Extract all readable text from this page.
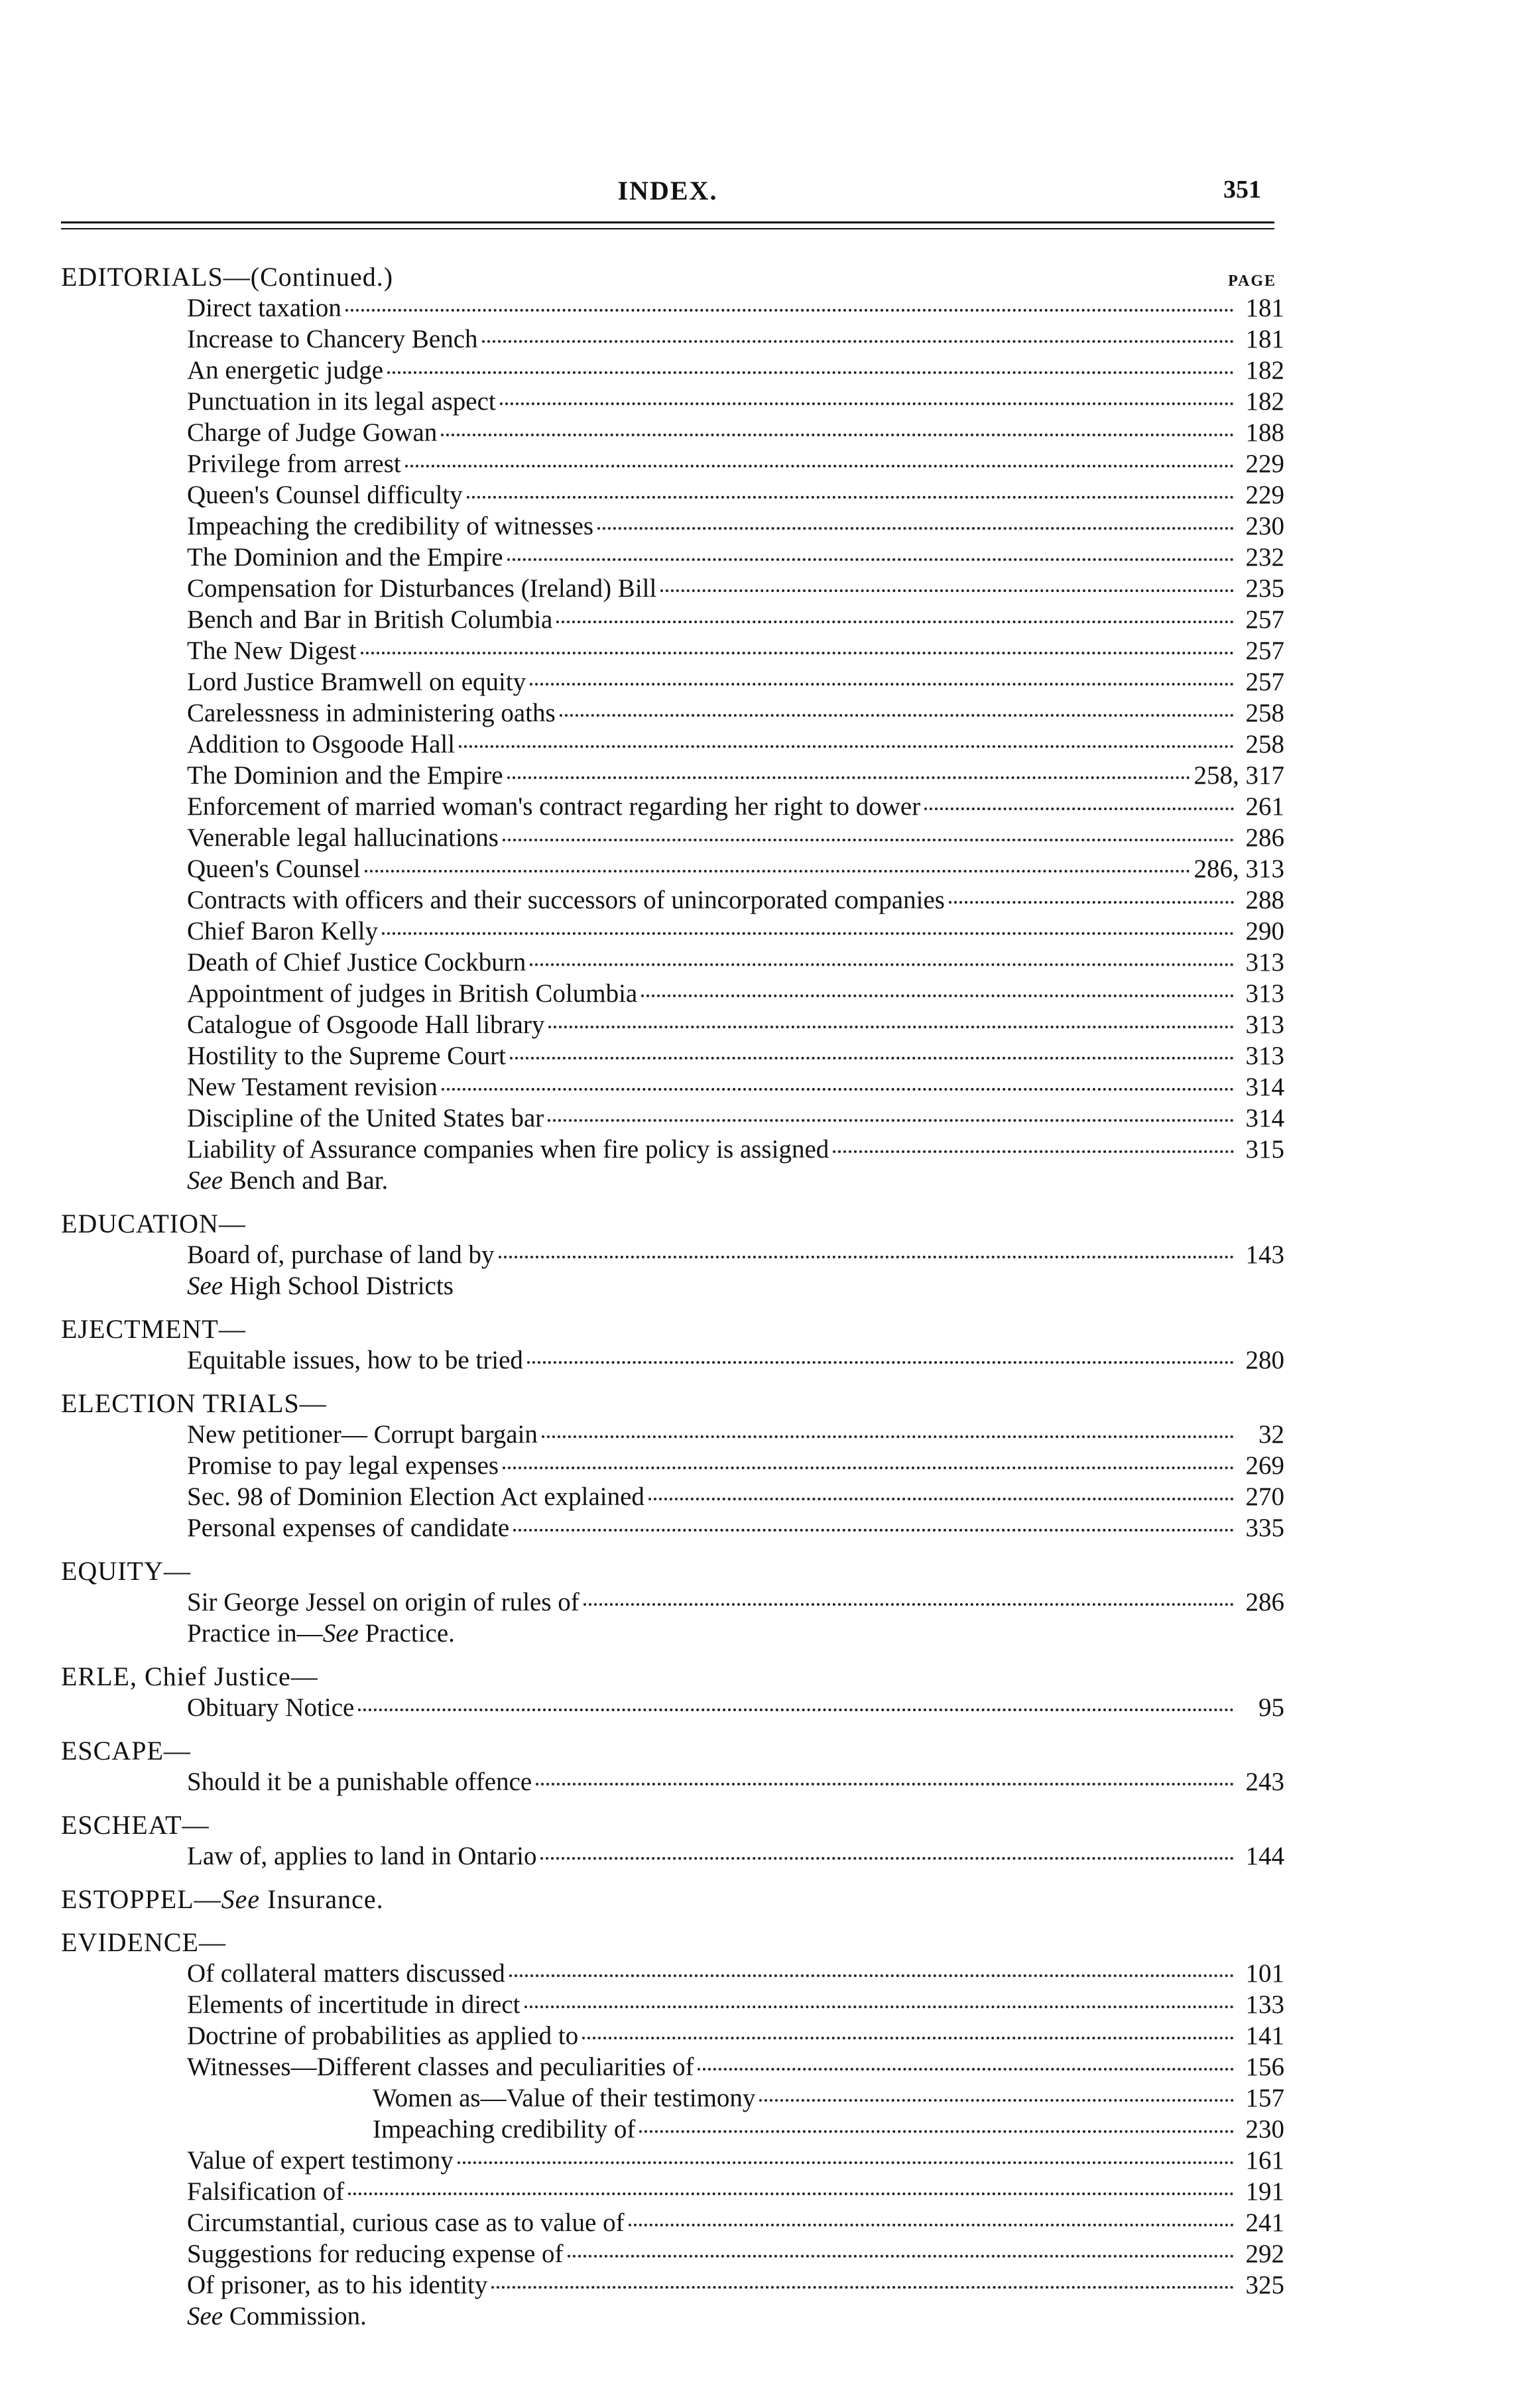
INDEX.	351
EDITORIALS—(Continued.)	PAGE
Direct taxation	181
Increase to Chancery Bench	181
An energetic judge	182
Punctuation in its legal aspect	182
Charge of Judge Gowan	188
Privilege from arrest	229
Queen's Counsel difficulty	229
Impeaching the credibility of witnesses	230
The Dominion and the Empire	232
Compensation for Disturbances (Ireland) Bill	235
Bench and Bar in British Columbia	257
The New Digest	257
Lord Justice Bramwell on equity	257
Carelessness in administering oaths	258
Addition to Osgoode Hall	258
The Dominion and the Empire	258, 317
Enforcement of married woman's contract regarding her right to dower	261
Venerable legal hallucinations	286
Queen's Counsel	286, 313
Contracts with officers and their successors of unincorporated companies	288
Chief Baron Kelly	290
Death of Chief Justice Cockburn	313
Appointment of judges in British Columbia	313
Catalogue of Osgoode Hall library	313
Hostility to the Supreme Court	313
New Testament revision	314
Discipline of the United States bar	314
Liability of Assurance companies when fire policy is assigned	315
See Bench and Bar.
EDUCATION—
Board of, purchase of land by	143
See High School Districts
EJECTMENT—
Equitable issues, how to be tried	280
ELECTION TRIALS—
New petitioner— Corrupt bargain	32
Promise to pay legal expenses	269
Sec. 98 of Dominion Election Act explained	270
Personal expenses of candidate	335
EQUITY—
Sir George Jessel on origin of rules of	286
Practice in—See Practice.
ERLE, Chief Justice—
Obituary Notice	95
ESCAPE—
Should it be a punishable offence	243
ESCHEAT—
Law of, applies to land in Ontario	144
ESTOPPEL—See Insurance.
EVIDENCE—
Of collateral matters discussed	101
Elements of incertitude in direct	133
Doctrine of probabilities as applied to	141
Witnesses—Different classes and peculiarities of	156
Women as—Value of their testimony	157
Impeaching credibility of	230
Value of expert testimony	161
Falsification of	191
Circumstantial, curious case as to value of	241
Suggestions for reducing expense of	292
Of prisoner, as to his identity	325
See Commission.
